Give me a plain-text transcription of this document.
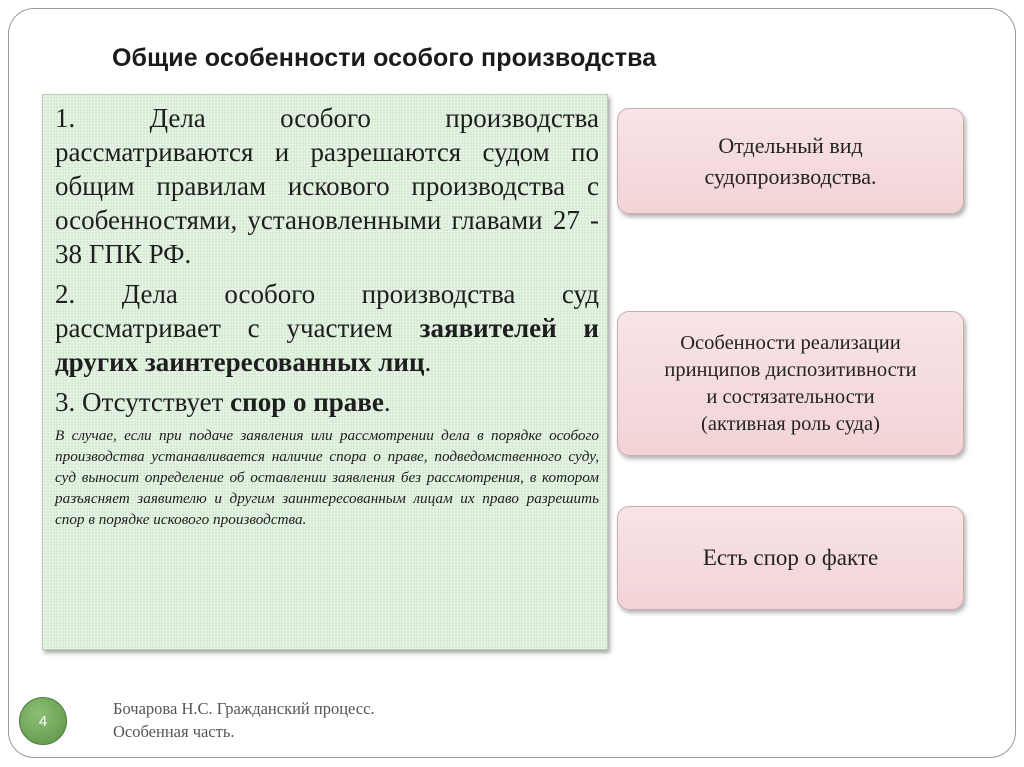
Общие особенности особого производства

1. Дела особого производства рассматриваются и разрешаются судом по общим правилам искового производства с особенностями, установленными главами 27 - 38 ГПК РФ.

2. Дела особого производства суд рассматривает с участием заявителей и других заинтересованных лиц.

3. Отсутствует спор о праве.

В случае, если при подаче заявления или рассмотрении дела в порядке особого производства устанавливается наличие спора о праве, подведомственного суду, суд выносит определение об оставлении заявления без рассмотрения, в котором разъясняет заявителю и другим заинтересованным лицам их право разрешить спор в порядке искового производства.
Отдельный вид
судопроизводства.
Особенности реализации
принципов диспозитивности
и состязательности
(активная роль суда)
Есть спор о факте
4
Бочарова Н.С. Гражданский процесс.
Особенная часть.
